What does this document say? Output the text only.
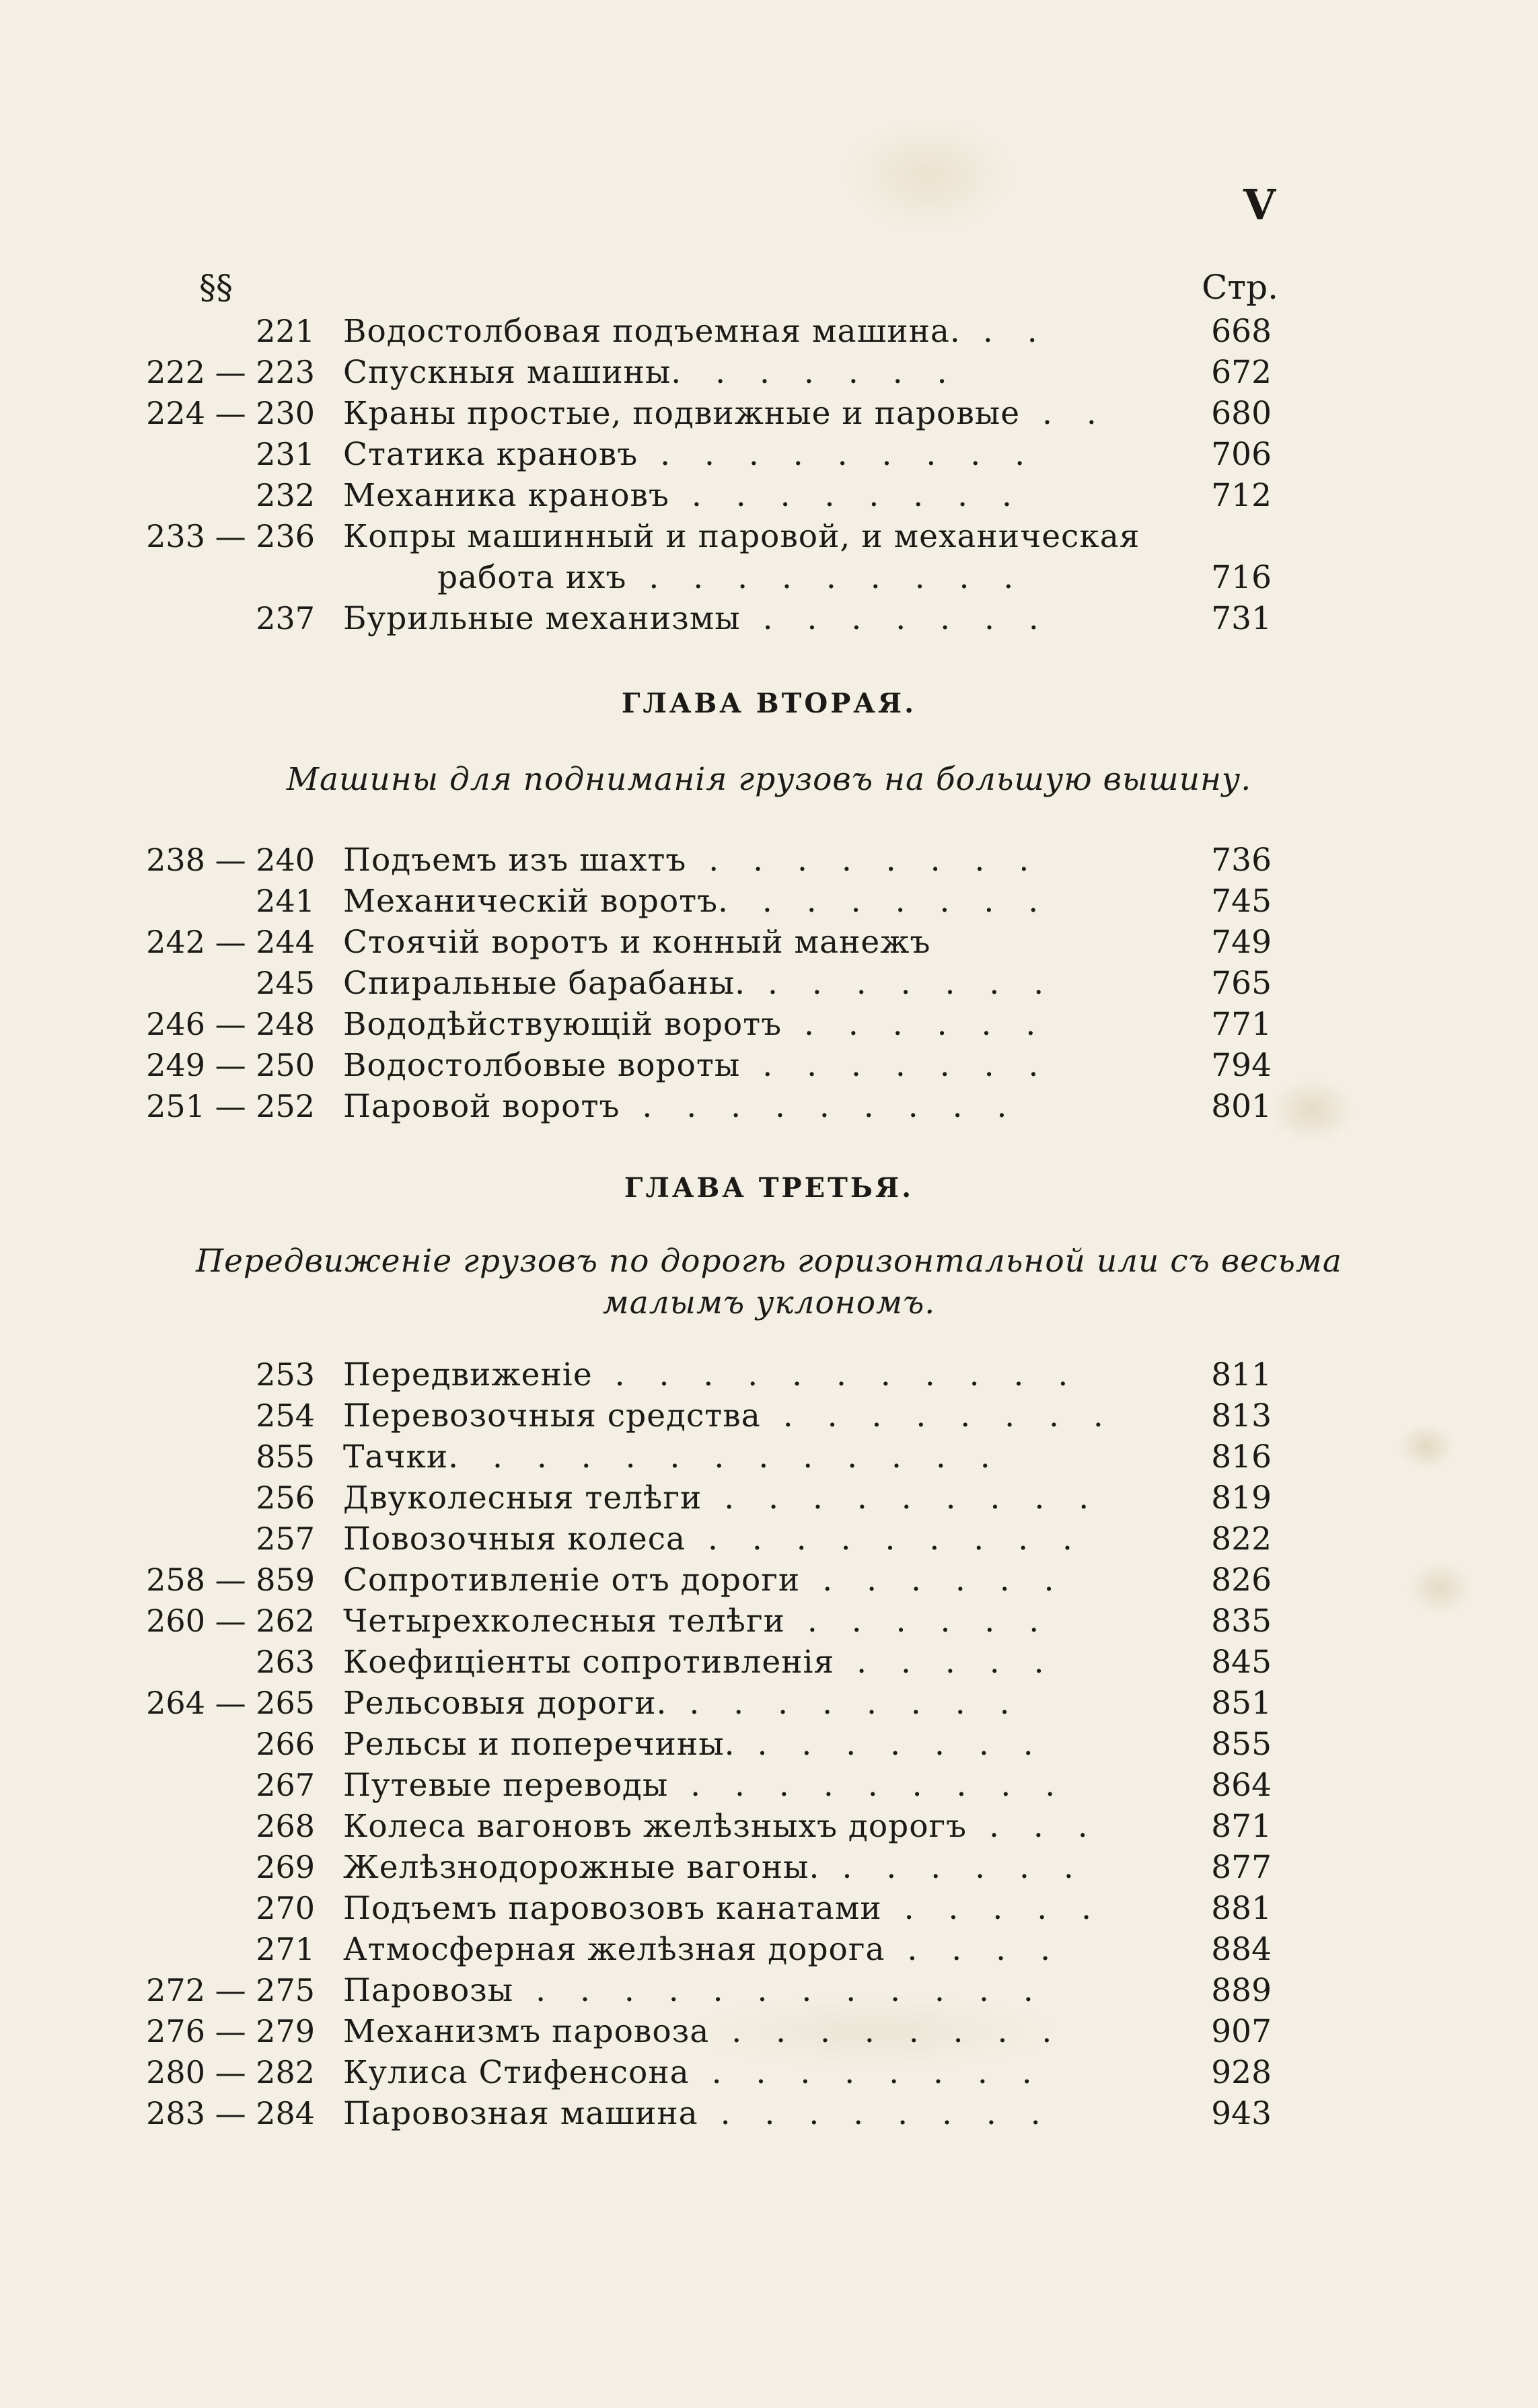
V
§§	Стр.
221 Водостолбовая подъемная машина. . .	668
222 — 223 Спускныя машины. . . . . . .	672
224 — 230 Краны простые, подвижные и паровые . .	680
231 Статика крановъ . . . . . . . . .	706
232 Механика крановъ . . . . . . . .	712
233 — 236 Копры машинный и паровой, и механическая
работа ихъ . . . . . . . . .	716
237 Бурильные механизмы . . . . . . .	731
ГЛАВА ВТОРАЯ.
Машины для подниманія грузовъ на большую вышину.
238 — 240 Подъемъ изъ шахтъ . . . . . . . .	736
241 Механическій воротъ. . . . . . . .	745
242 — 244 Стоячій воротъ и конный манежъ	749
245 Спиральные барабаны. . . . . . . .	765
246 — 248 Вододѣйствующій воротъ . . . . . .	771
249 — 250 Водостолбовые вороты . . . . . . .	794
251 — 252 Паровой воротъ . . . . . . . . .	801
ГЛАВА ТРЕТЬЯ.
Передвиженіе грузовъ по дорогѣ горизонтальной или съ весьма
малымъ уклономъ.
253 Передвиженіе . . . . . . . . . . .	811
254 Перевозочныя средства . . . . . . . .	813
855 Тачки. . . . . . . . . . . . .	816
256 Двуколесныя телѣги . . . . . . . . .	819
257 Повозочныя колеса . . . . . . . . .	822
258 — 859 Сопротивленіе отъ дороги . . . . . .	826
260 — 262 Четырехколесныя телѣги . . . . . .	835
263 Коефиціенты сопротивленія . . . . .	845
264 — 265 Рельсовыя дороги. . . . . . . . .	851
266 Рельсы и поперечины. . . . . . . .	855
267 Путевые переводы . . . . . . . . .	864
268 Колеса вагоновъ желѣзныхъ дорогъ . . .	871
269 Желѣзнодорожные вагоны. . . . . . .	877
270 Подъемъ паровозовъ канатами . . . . .	881
271 Атмосферная желѣзная дорога . . . .	884
272 — 275 Паровозы . . . . . . . . . . . .	889
276 — 279 Механизмъ паровоза . . . . . . . .	907
280 — 282 Кулиса Стифенсона . . . . . . . .	928
283 — 284 Паровозная машина . . . . . . . .	943
